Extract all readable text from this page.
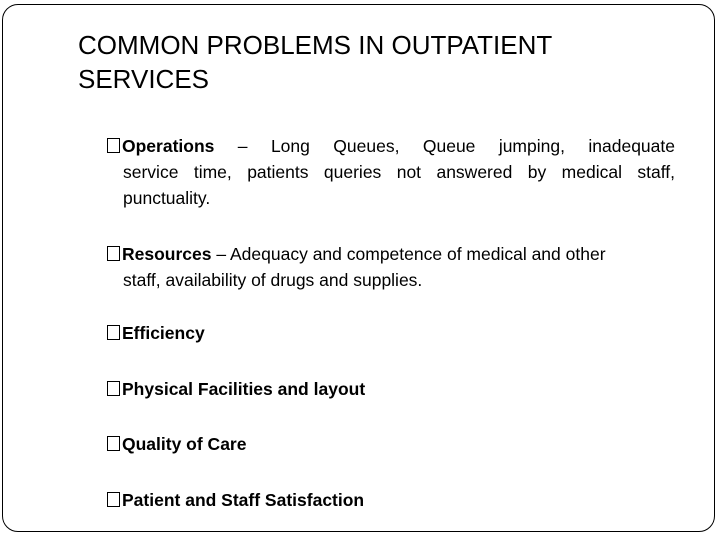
COMMON PROBLEMS IN OUTPATIENT
SERVICES

Operations – Long Queues, Queue jumping, inadequate

service time, patients queries not answered by medical staff,

punctuality.

Resources – Adequacy and competence of medical and other

staff, availability of drugs and supplies.

Efficiency

Physical Facilities and layout

Quality of Care

Patient and Staff Satisfaction
